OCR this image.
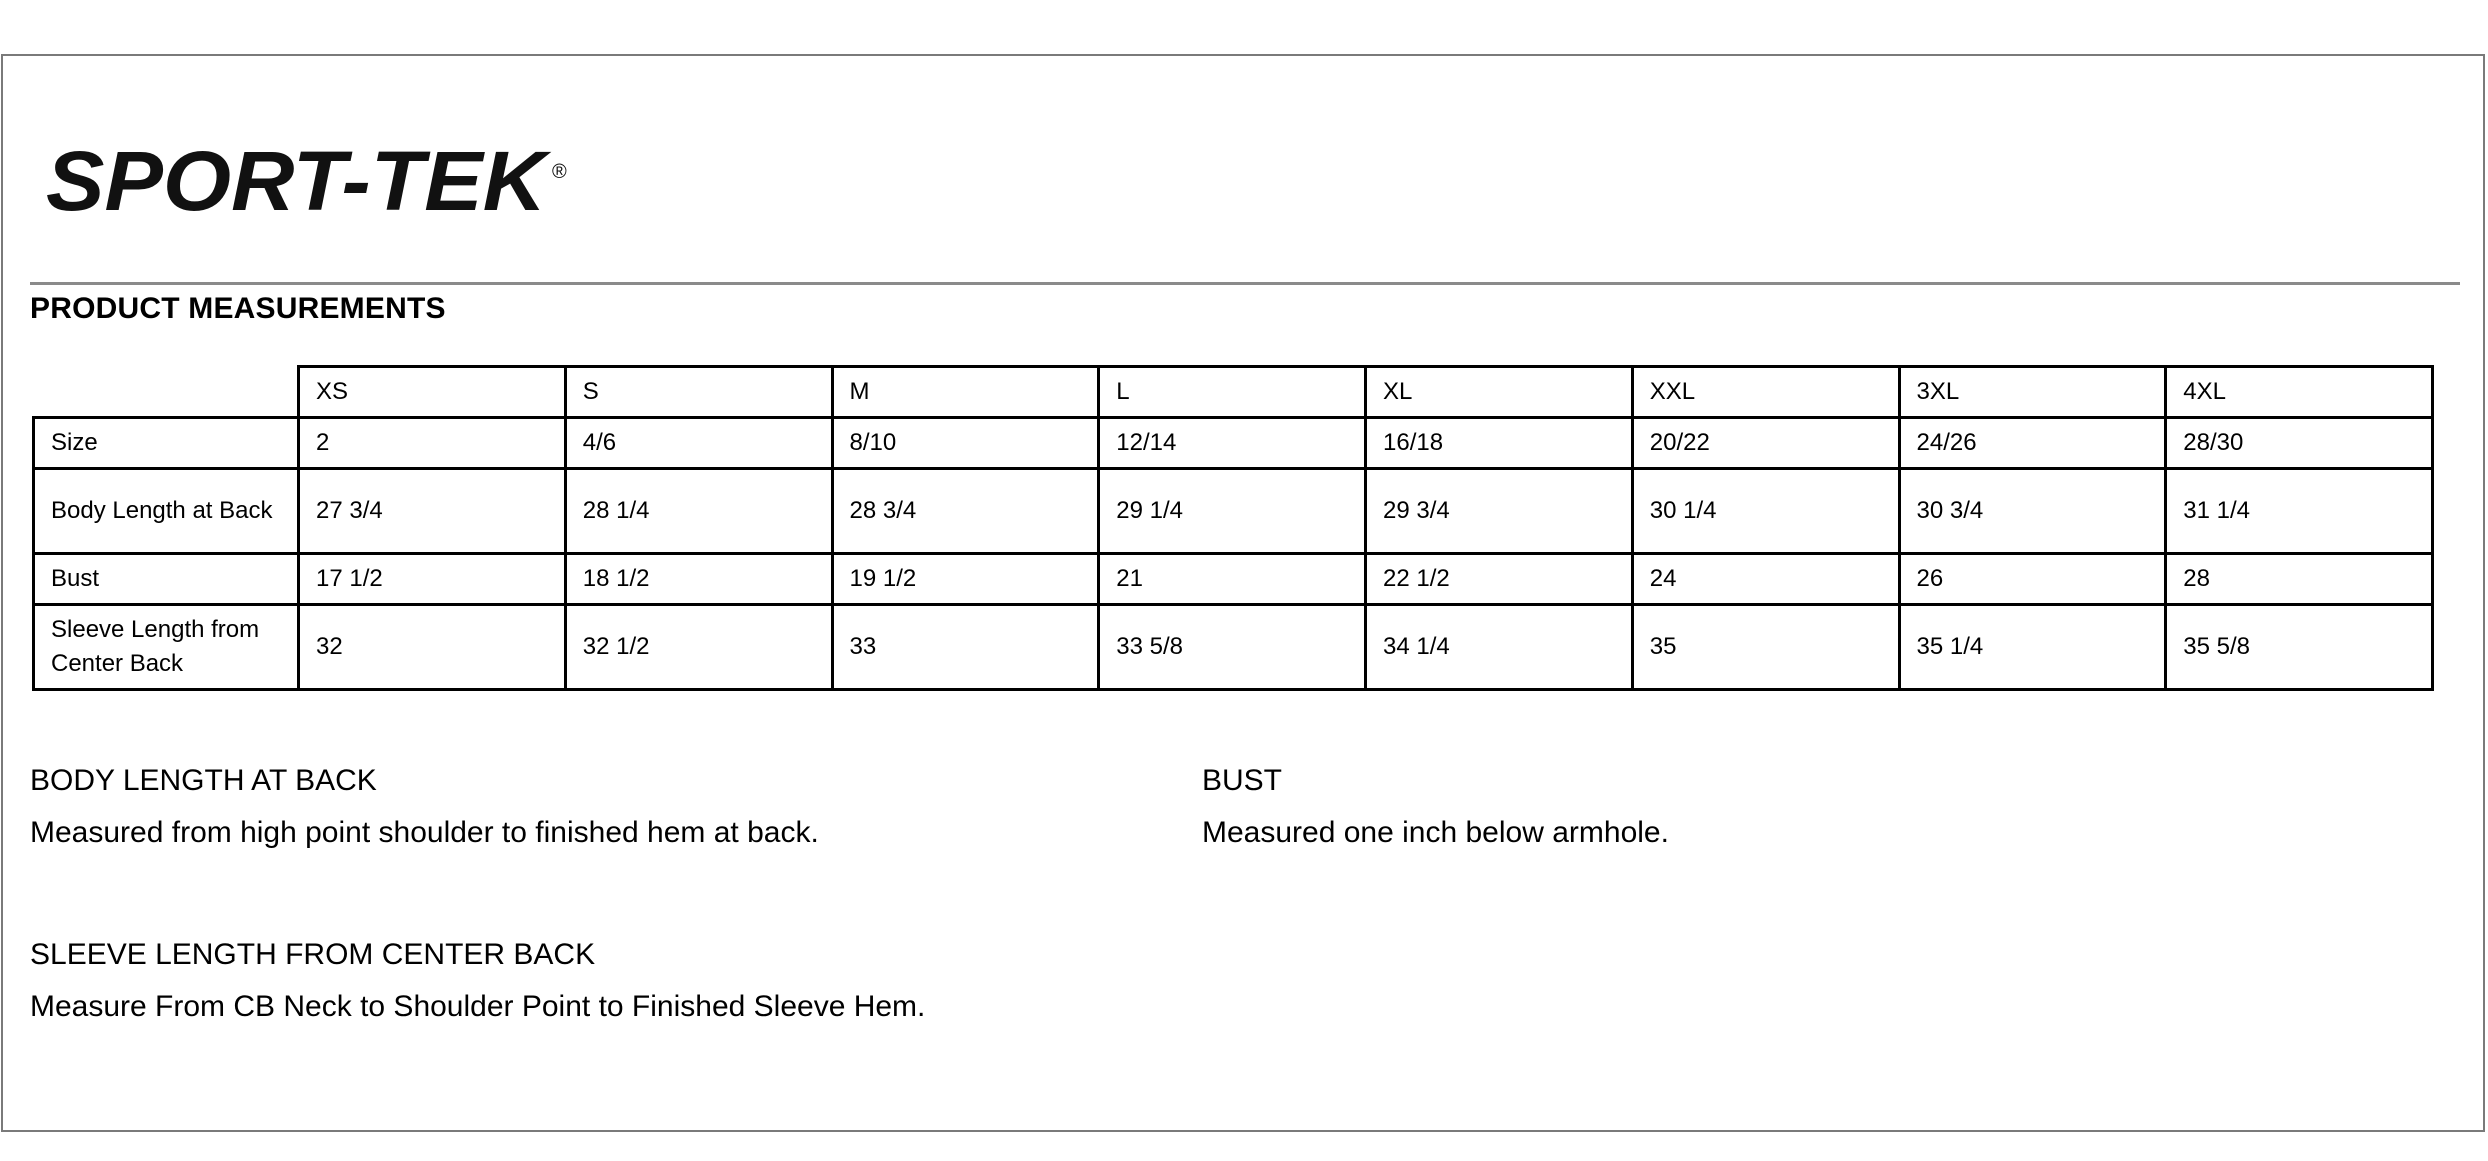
SPORT-TEK ®
PRODUCT MEASUREMENTS
	XS	S	M	L	XL	XXL	3XL	4XL
Size	2	4/6	8/10	12/14	16/18	20/22	24/26	28/30
Body Length at Back	27 3/4	28 1/4	28 3/4	29 1/4	29 3/4	30 1/4	30 3/4	31 1/4
Bust	17 1/2	18 1/2	19 1/2	21	22 1/2	24	26	28
Sleeve Length from Center Back	32	32 1/2	33	33 5/8	34 1/4	35	35 1/4	35 5/8
BODY LENGTH AT BACK
Measured from high point shoulder to finished hem at back.
BUST
Measured one inch below armhole.
SLEEVE LENGTH FROM CENTER BACK
Measure From CB Neck to Shoulder Point to Finished Sleeve Hem.
